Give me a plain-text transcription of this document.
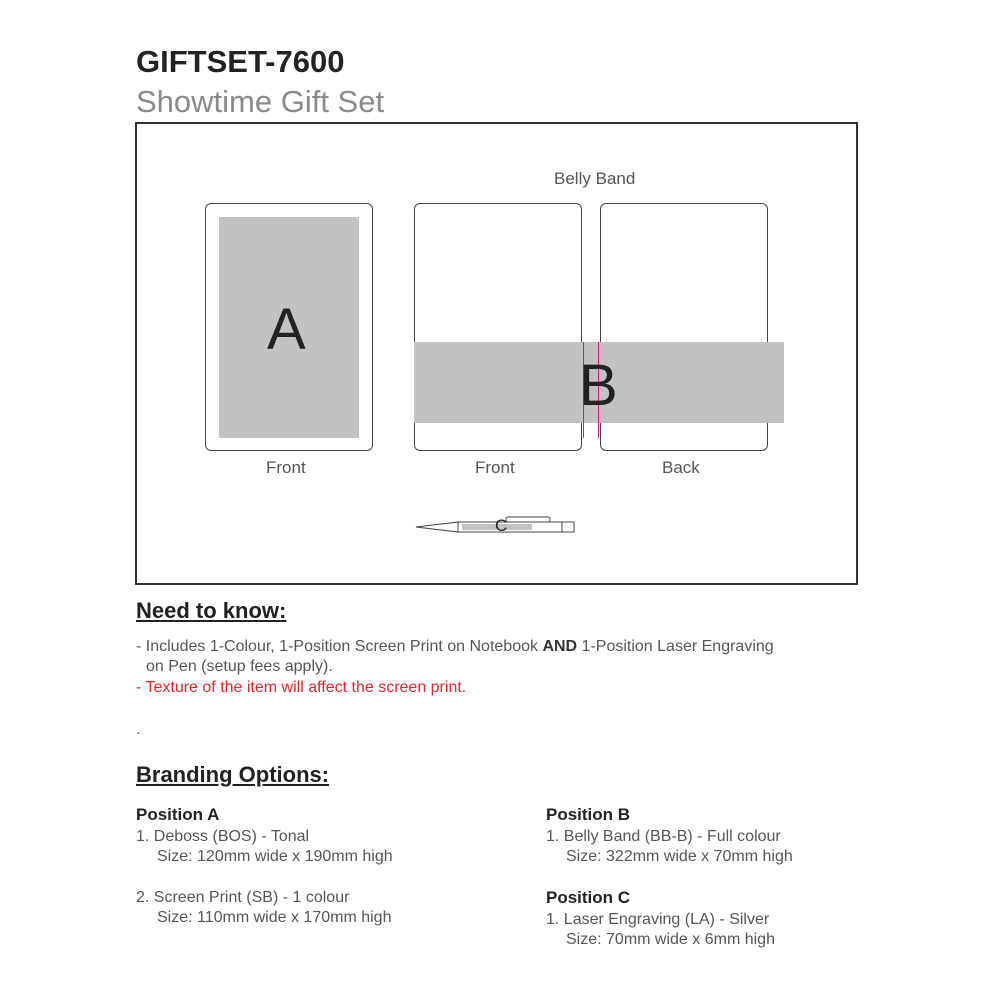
GIFTSET-7600
Showtime Gift Set
Belly Band
A
Front
B
Front	Back
C
Need to know:
- Includes 1-Colour, 1-Position Screen Print on Notebook AND 1-Position Laser Engraving
on Pen (setup fees apply).
- Texture of the item will affect the screen print.
.
Branding Options:
Position A
1. Deboss (BOS) - Tonal
Size: 120mm wide x 190mm high
2. Screen Print (SB) - 1 colour
Size: 110mm wide x 170mm high
Position B
1. Belly Band (BB-B) - Full colour
Size: 322mm wide x 70mm high
Position C
1. Laser Engraving (LA) - Silver
Size: 70mm wide x 6mm high
